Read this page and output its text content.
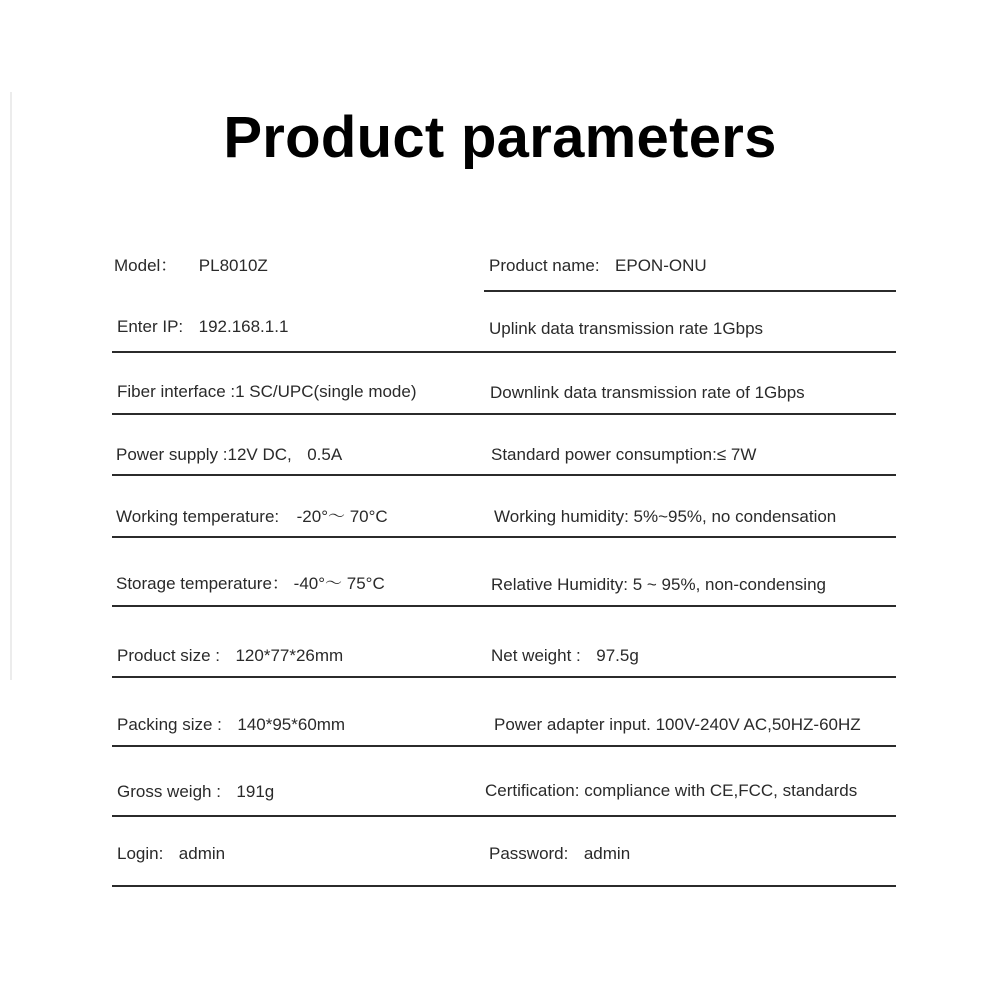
Product parameters
Model： PL8010Z	Product name: EPON-ONU
Enter IP: 192.168.1.1	Uplink data transmission rate 1Gbps
Fiber interface :1 SC/UPC(single mode)	Downlink data transmission rate of 1Gbps
Power supply :12V DC, 0.5A	Standard power consumption:≤ 7W
Working temperature: -20°～ 70°C	Working humidity: 5%~95%, no condensation
Storage temperature： -40°～ 75°C	Relative Humidity: 5 ~ 95%, non-condensing
Product size : 120*77*26mm	Net weight : 97.5g
Packing size : 140*95*60mm	Power adapter input. 100V-240V AC,50HZ-60HZ
Gross weigh : 191g	Certification: compliance with CE,FCC, standards
Login: admin	Password: admin
